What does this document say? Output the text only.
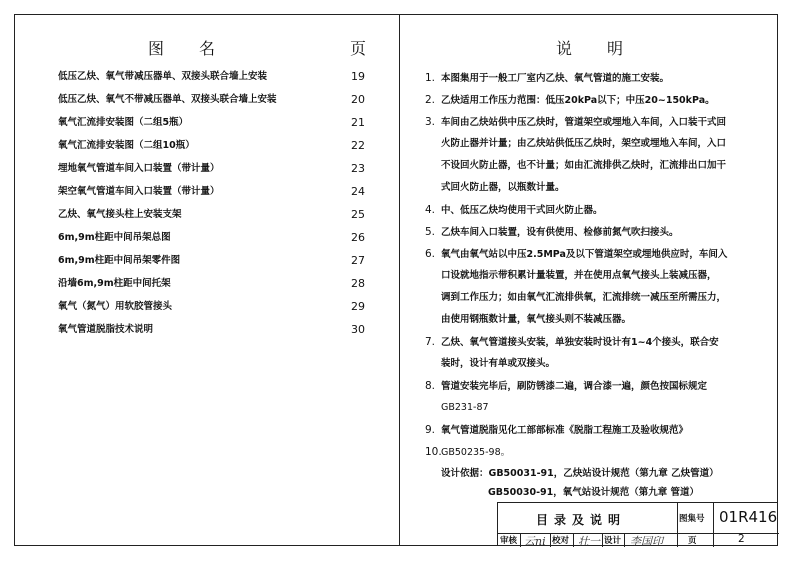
图　　名	页
低压乙炔、氧气带减压器单、双接头联合墙上安装	19
低压乙炔、氧气不带减压器单、双接头联合墙上安装	20
氧气汇流排安装图（二组5瓶）	21
氧气汇流排安装图（二组10瓶）	22
埋地氧气管道车间入口装置（带计量）	23
架空氧气管道车间入口装置（带计量）	24
乙炔、氧气接头柱上安装支架	25
6m,9m柱距中间吊架总图	26
6m,9m柱距中间吊架零件图	27
沿墙6m,9m柱距中间托架	28
氧气（氮气）用软胶管接头	29
氧气管道脱脂技术说明	30
说　　明
1. 本图集用于一般工厂室内乙炔、氧气管道的施工安装。
2. 乙炔适用工作压力范围：低压20kPa以下；中压20~150kPa。
3. 车间由乙炔站供中压乙炔时，管道架空或埋地入车间，入口装干式回
火防止器并计量；由乙炔站供低压乙炔时，架空或埋地入车间，入口
不设回火防止器，也不计量；如由汇流排供乙炔时，汇流排出口加干
式回火防止器，以瓶数计量。
4. 中、低压乙炔均使用干式回火防止器。
5. 乙炔车间入口装置，设有供使用、检修前氮气吹扫接头。
6. 氧气由氧气站以中压2.5MPa及以下管道架空或埋地供应时，车间入
口设就地指示带积累计量装置，并在使用点氧气接头上装减压器，
调到工作压力；如由氧气汇流排供氧，汇流排统一减压至所需压力，
由使用钢瓶数计量，氧气接头则不装减压器。
7. 乙炔、氧气管道接头安装，单独安装时设计有1~4个接头，联合安
装时，设计有单或双接头。
8. 管道安装完毕后，刷防锈漆二遍，调合漆一遍，颜色按国标规定
GB231-87
9. 氧气管道脱脂见化工部部标准《脱脂工程施工及验收规范》
10.GB50235-98。
设计依据：GB50031-91，乙炔站设计规范（第九章 乙炔管道）
GB50030-91，氧气站设计规范（第九章 管道）
目录及说明	图集号 01R416
审核 云ni 校对 壮一 设计 李国印	页	2
